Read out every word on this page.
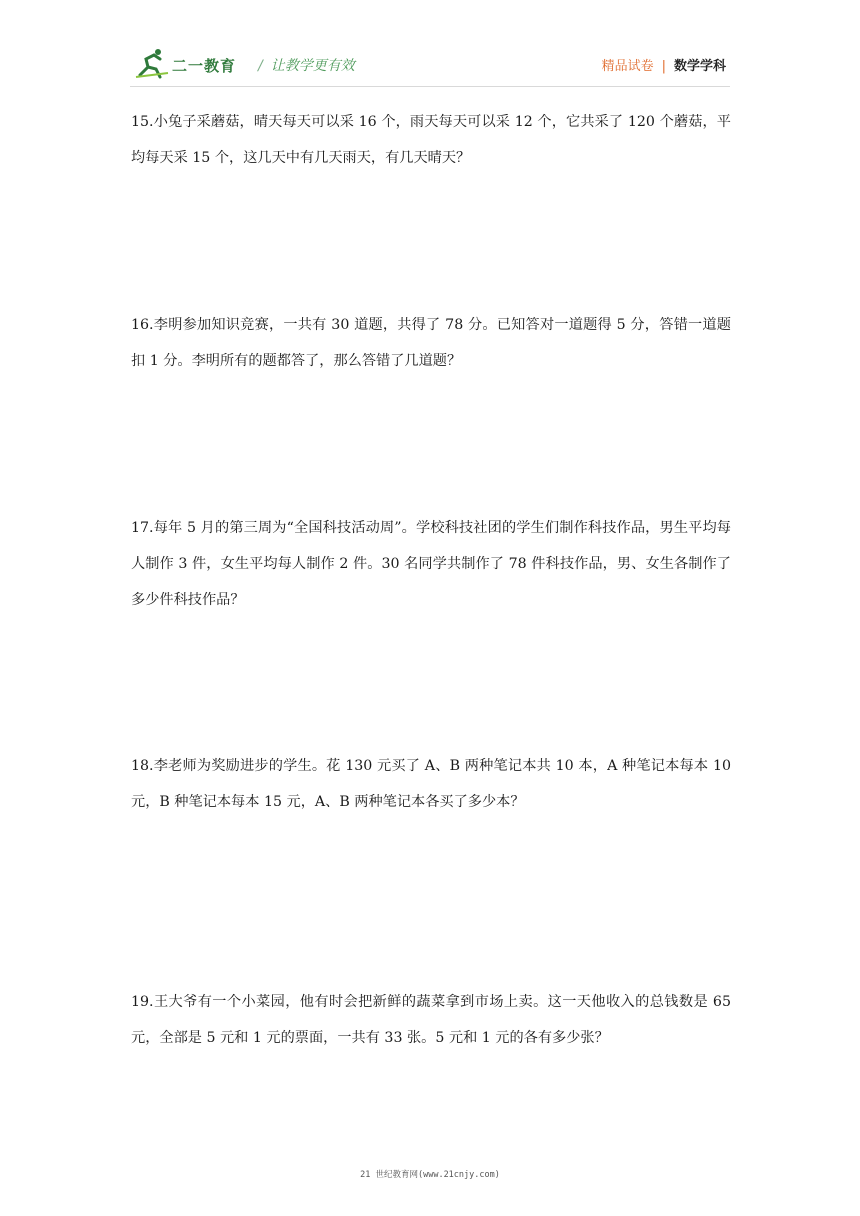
二一教育 / 让教学更有效	精品试卷 | 数学学科

15.小兔子采蘑菇，晴天每天可以采 16 个，雨天每天可以采 12 个，它共采了 120 个蘑菇，平均每天采 15 个，这几天中有几天雨天，有几天晴天？

16.李明参加知识竞赛，一共有 30 道题，共得了 78 分。已知答对一道题得 5 分，答错一道题扣 1 分。李明所有的题都答了，那么答错了几道题？

17.每年 5 月的第三周为“全国科技活动周”。学校科技社团的学生们制作科技作品，男生平均每人制作 3 件，女生平均每人制作 2 件。30 名同学共制作了 78 件科技作品，男、女生各制作了多少件科技作品？

18.李老师为奖励进步的学生。花 130 元买了 A、B 两种笔记本共 10 本，A 种笔记本每本 10 元，B 种笔记本每本 15 元，A、B 两种笔记本各买了多少本？

19.王大爷有一个小菜园，他有时会把新鲜的蔬菜拿到市场上卖。这一天他收入的总钱数是 65 元，全部是 5 元和 1 元的票面，一共有 33 张。5 元和 1 元的各有多少张？

21 世纪教育网(www.21cnjy.com)
